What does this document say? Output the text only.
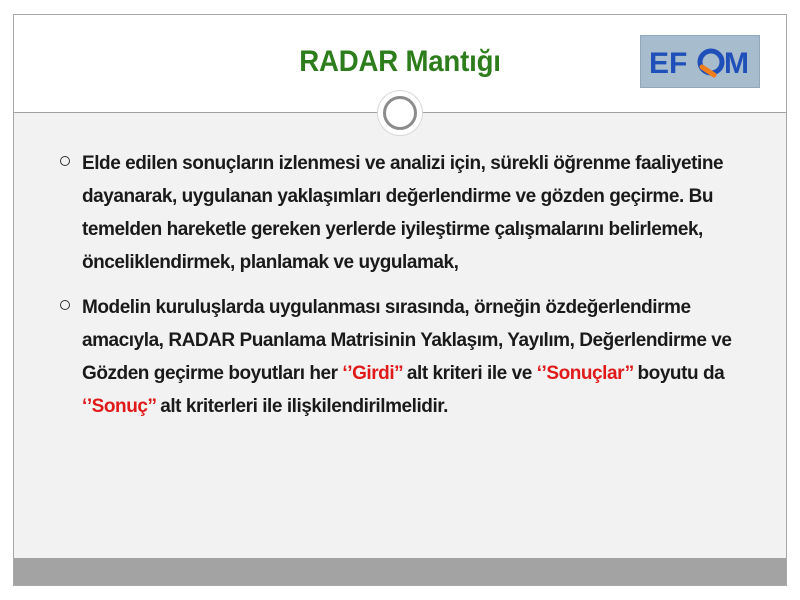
RADAR Mantığı	EF M
Elde edilen sonuçların izlenmesi ve analizi için, sürekli öğrenme faaliyetine dayanarak, uygulanan yaklaşımları değerlendirme ve gözden geçirme. Bu temelden hareketle gereken yerlerde iyileştirme çalışmalarını belirlemek, önceliklendirmek, planlamak ve uygulamak,
Modelin kuruluşlarda uygulanması sırasında, örneğin özdeğerlendirme amacıyla, RADAR Puanlama Matrisinin Yaklaşım, Yayılım, Değerlendirme ve Gözden geçirme boyutları her ‘’Girdi’’ alt kriteri ile ve ‘’Sonuçlar’’ boyutu da ‘’Sonuç’’ alt kriterleri ile ilişkilendirilmelidir.
